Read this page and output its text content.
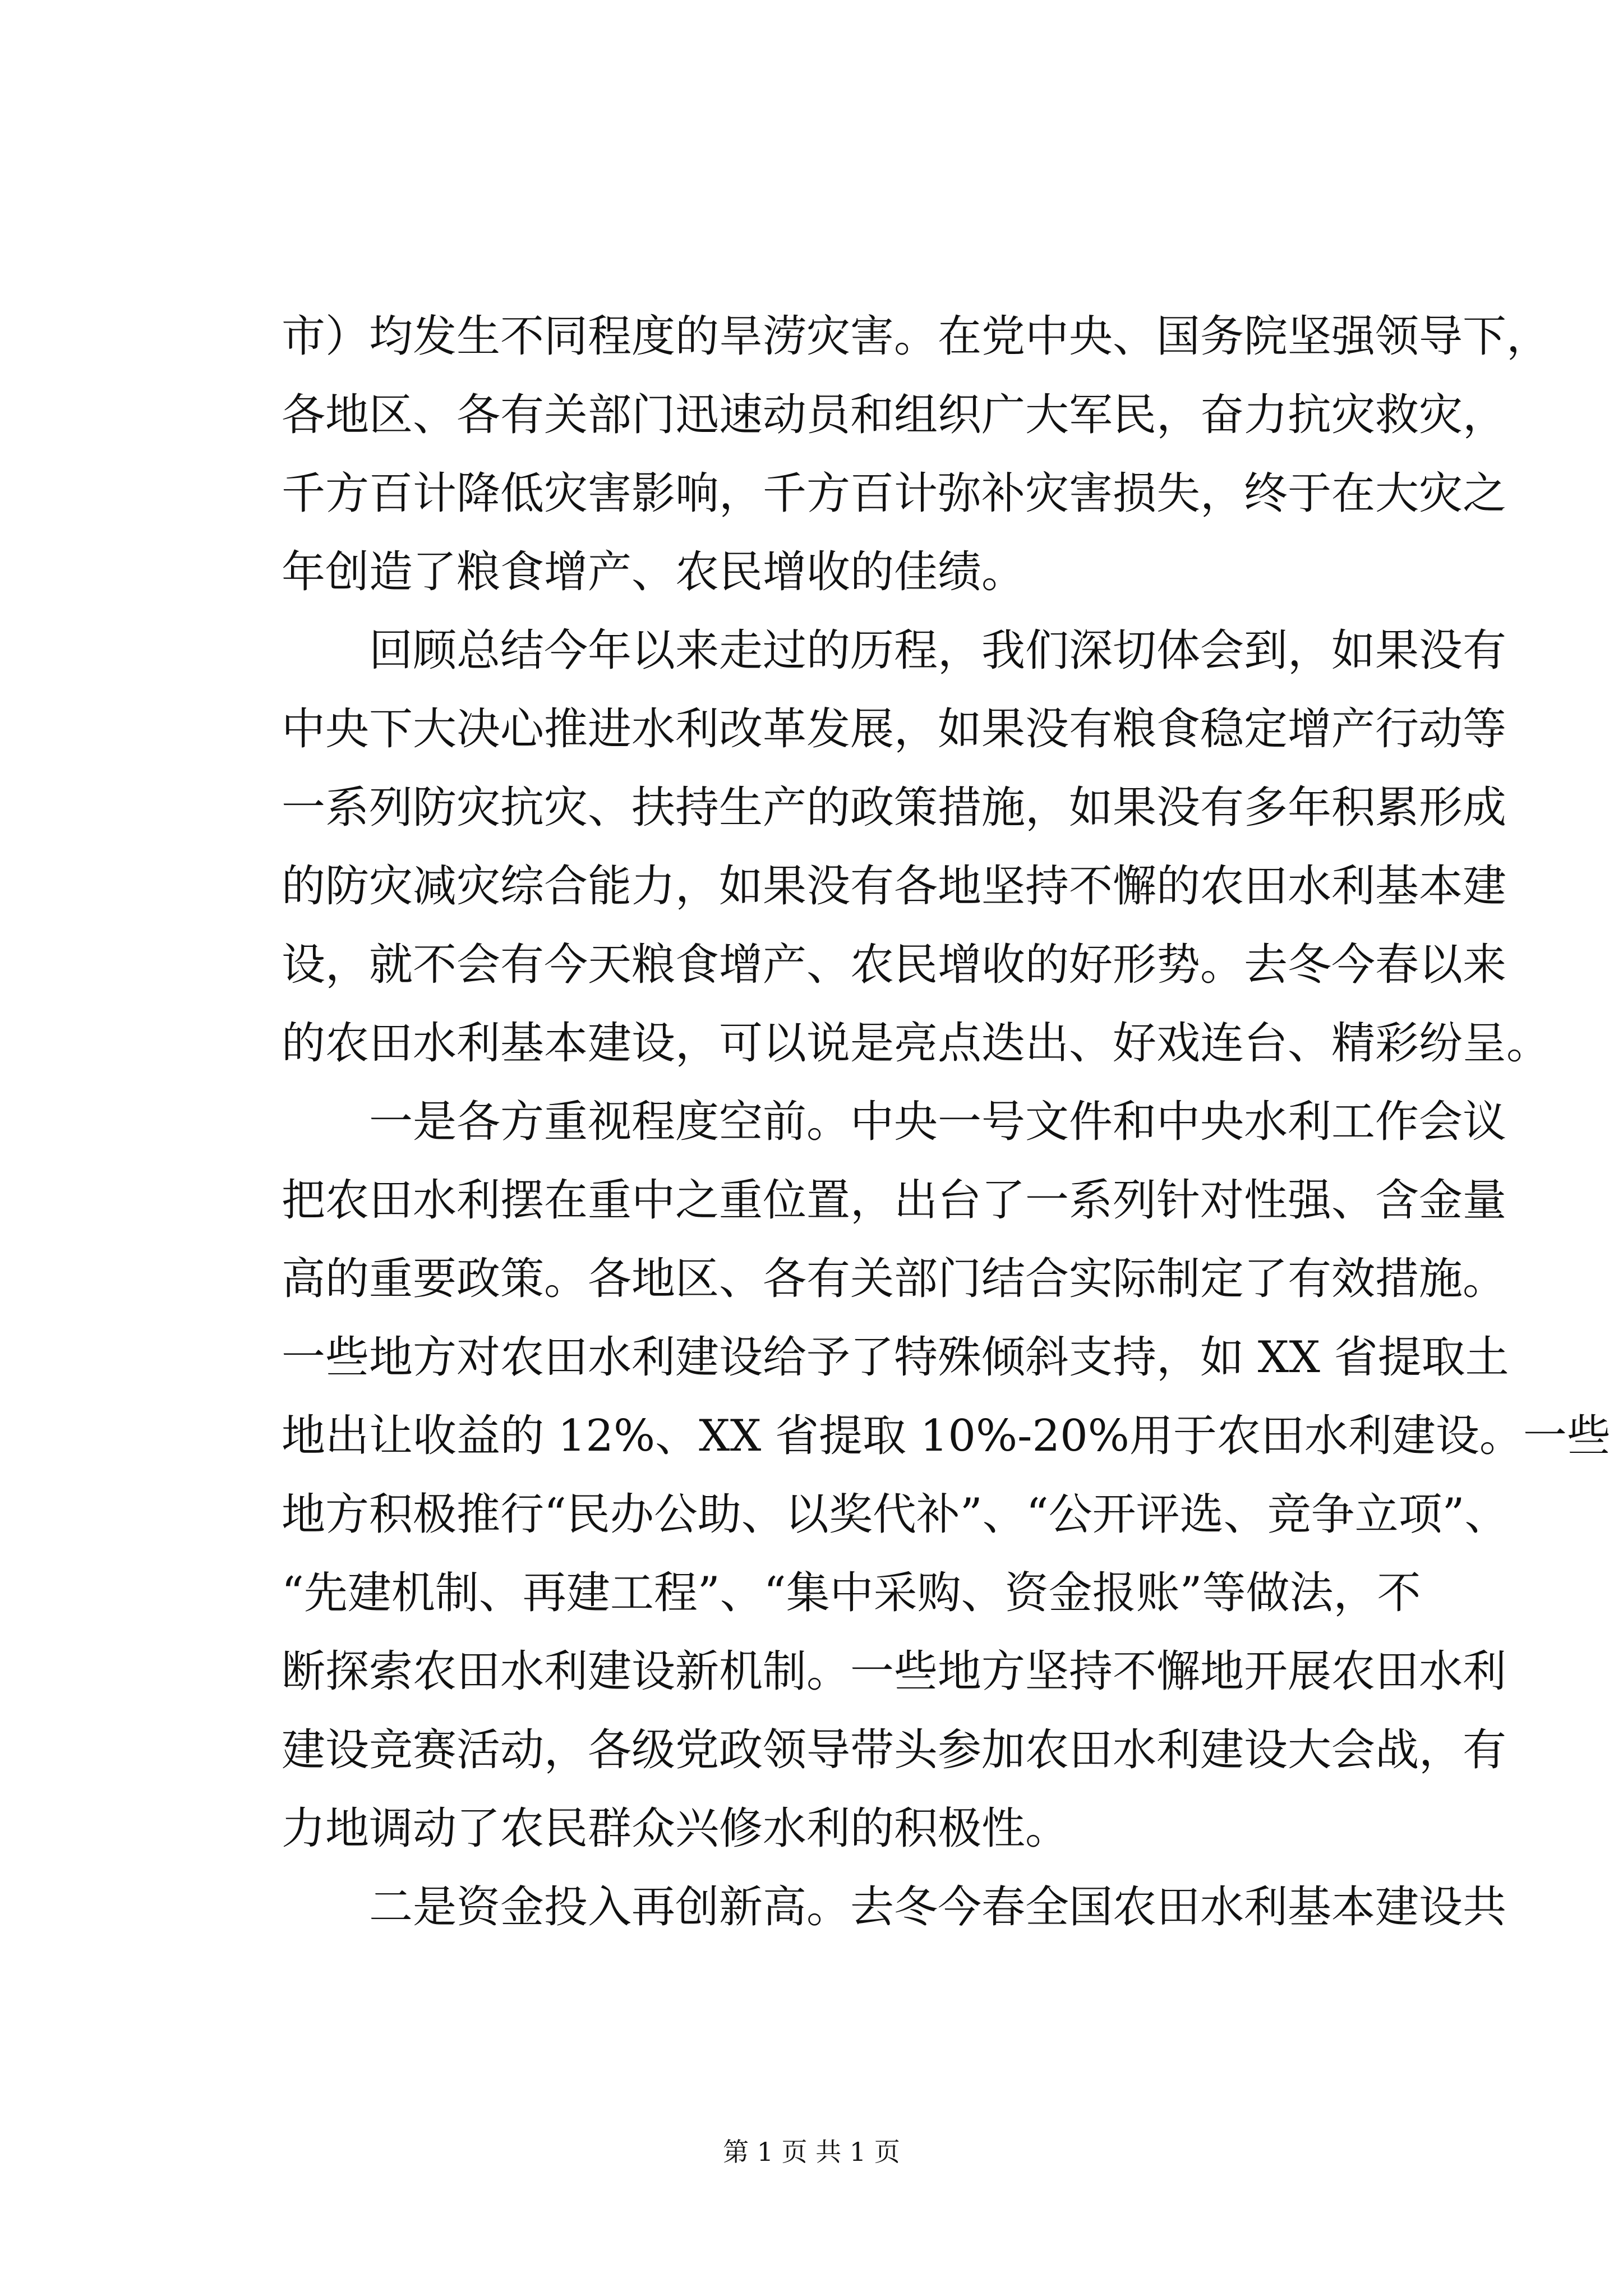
市）均发生不同程度的旱涝灾害。在党中央、国务院坚强领导下，
各地区、各有关部门迅速动员和组织广大军民，奋力抗灾救灾，
千方百计降低灾害影响，千方百计弥补灾害损失，终于在大灾之
年创造了粮食增产、农民增收的佳绩。
　　回顾总结今年以来走过的历程，我们深切体会到，如果没有
中央下大决心推进水利改革发展，如果没有粮食稳定增产行动等
一系列防灾抗灾、扶持生产的政策措施，如果没有多年积累形成
的防灾减灾综合能力，如果没有各地坚持不懈的农田水利基本建
设，就不会有今天粮食增产、农民增收的好形势。去冬今春以来
的农田水利基本建设，可以说是亮点迭出、好戏连台、精彩纷呈。
　　一是各方重视程度空前。中央一号文件和中央水利工作会议
把农田水利摆在重中之重位置，出台了一系列针对性强、含金量
高的重要政策。各地区、各有关部门结合实际制定了有效措施。
一些地方对农田水利建设给予了特殊倾斜支持，如 XX 省提取土
地出让收益的 12%、XX 省提取 10%-20%用于农田水利建设。一些
地方积极推行“民办公助、以奖代补”、“公开评选、竞争立项”、
“先建机制、再建工程”、“集中采购、资金报账”等做法，不
断探索农田水利建设新机制。一些地方坚持不懈地开展农田水利
建设竞赛活动，各级党政领导带头参加农田水利建设大会战，有
力地调动了农民群众兴修水利的积极性。
　　二是资金投入再创新高。去冬今春全国农田水利基本建设共
第 1 页 共 1 页
